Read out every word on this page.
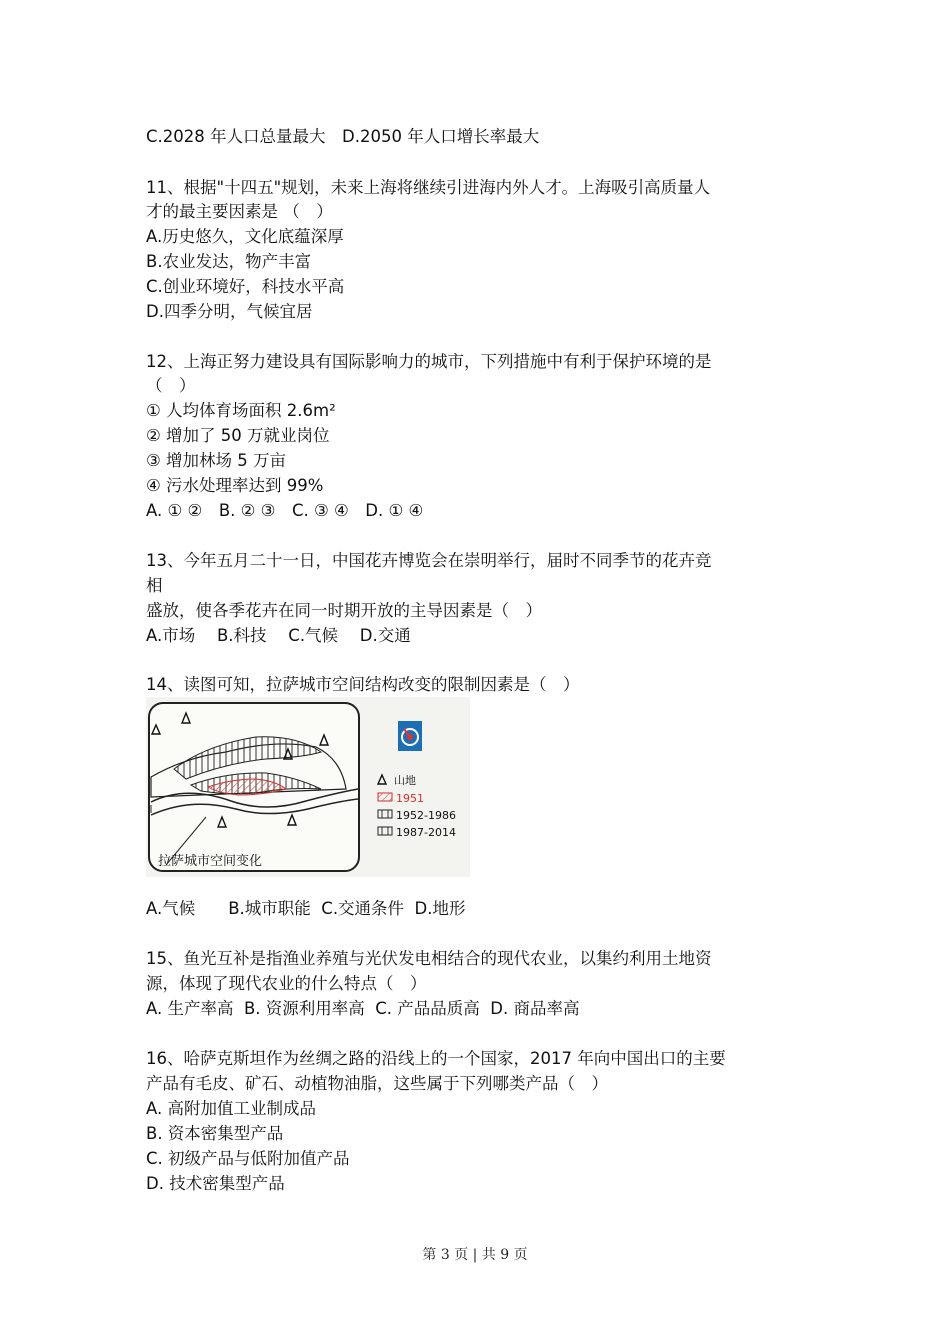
C.2028 年人口总量最大　D.2050 年人口增长率最大
11、根据"十四五"规划，未来上海将继续引进海内外人才。上海吸引高质量人
才的最主要因素是 （　）
A.历史悠久，文化底蕴深厚
B.农业发达，物产丰富
C.创业环境好，科技水平高
D.四季分明，气候宜居
12、上海正努力建设具有国际影响力的城市，下列措施中有利于保护环境的是
（　）
① 人均体育场面积 2.6m²
② 增加了 50 万就业岗位
③ 增加林场 5 万亩
④ 污水处理率达到 99%
A. ① ②　B. ② ③　C. ③ ④　D. ① ④
13、今年五月二十一日，中国花卉博览会在崇明举行，届时不同季节的花卉竞
相
盛放，使各季花卉在同一时期开放的主导因素是（　）
A.市场　 B.科技　 C.气候　 D.交通
14、读图可知，拉萨城市空间结构改变的限制因素是（　）
拉萨城市空间变化
山地
1951
1952-1986
1987-2014
A.气候　　B.城市职能  C.交通条件  D.地形
15、鱼光互补是指渔业养殖与光伏发电相结合的现代农业，以集约利用土地资
源，体现了现代农业的什么特点（　）
A. 生产率高  B. 资源利用率高  C. 产品品质高  D. 商品率高
16、哈萨克斯坦作为丝绸之路的沿线上的一个国家，2017 年向中国出口的主要
产品有毛皮、矿石、动植物油脂，这些属于下列哪类产品（　）
A. 高附加值工业制成品
B. 资本密集型产品
C. 初级产品与低附加值产品
D. 技术密集型产品
第 3 页 | 共 9 页
